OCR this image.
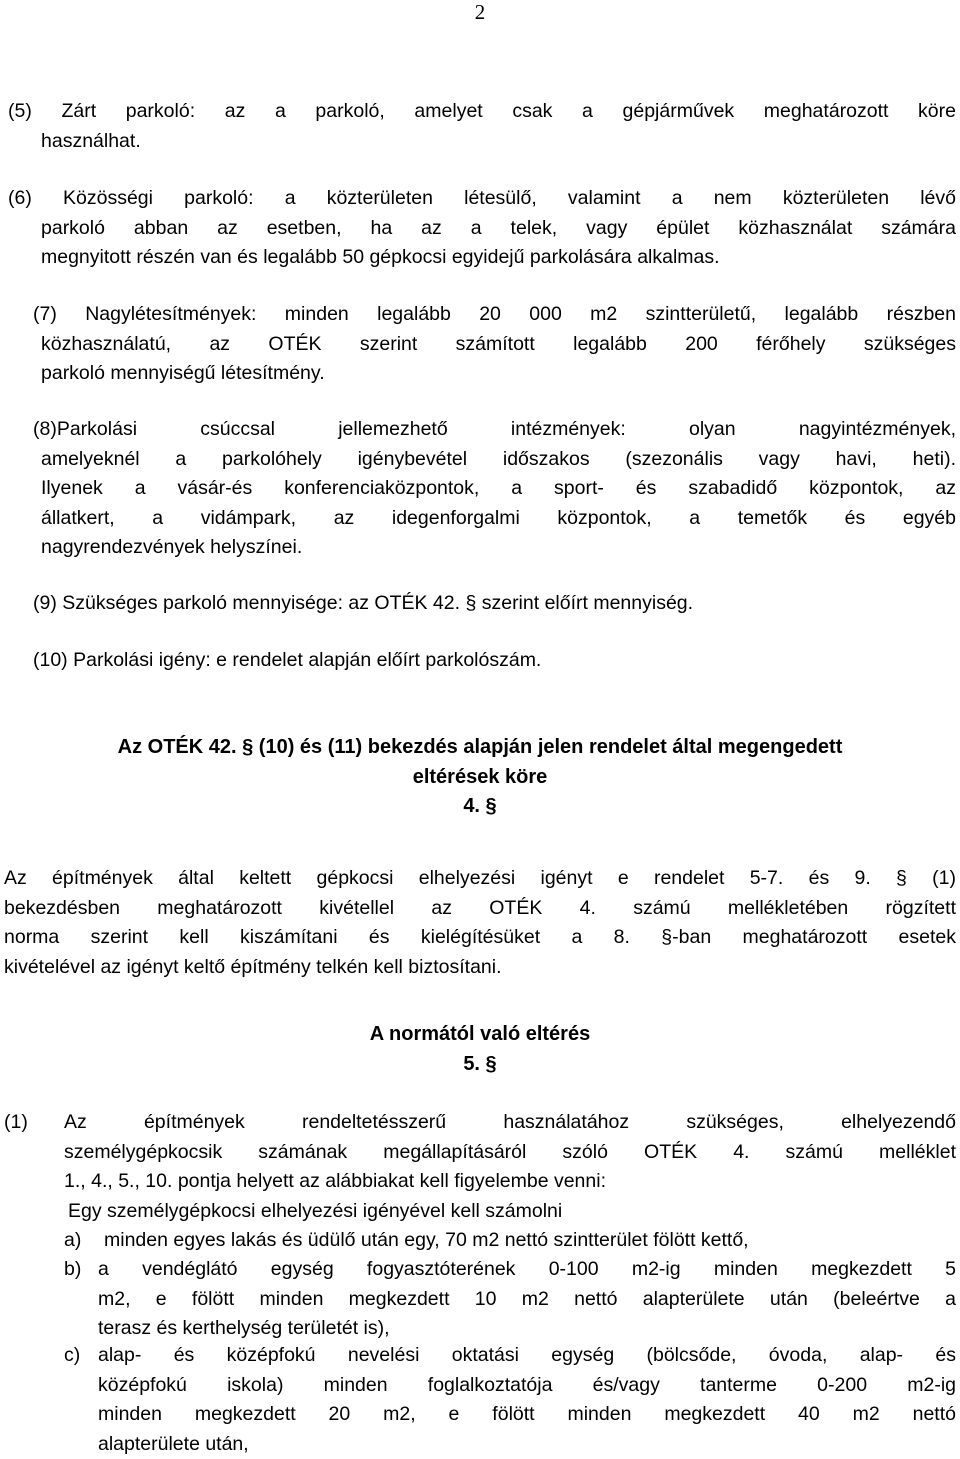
2
(5) Zárt parkoló: az a parkoló, amelyet csak a gépjárművek meghatározott köre
használhat.
(6) Közösségi parkoló: a közterületen létesülő, valamint a nem közterületen lévő
parkoló abban az esetben, ha az a telek, vagy épület közhasználat számára
megnyitott részén van és legalább 50 gépkocsi egyidejű parkolására alkalmas.
(7) Nagylétesítmények: minden legalább 20 000 m2 szintterületű, legalább részben
közhasználatú, az OTÉK szerint számított legalább 200 férőhely szükséges
parkoló mennyiségű létesítmény.
(8)Parkolási csúccsal jellemezhető intézmények: olyan nagyintézmények,
amelyeknél a parkolóhely igénybevétel időszakos (szezonális vagy havi, heti).
Ilyenek a vásár-és konferenciaközpontok, a sport- és szabadidő központok, az
állatkert, a vidámpark, az idegenforgalmi központok, a temetők és egyéb
nagyrendezvények helyszínei.
(9) Szükséges parkoló mennyisége: az OTÉK 42. § szerint előírt mennyiség.
(10) Parkolási igény: e rendelet alapján előírt parkolószám.
Az OTÉK 42. § (10) és (11) bekezdés alapján jelen rendelet által megengedett
eltérések köre
4. §
Az építmények által keltett gépkocsi elhelyezési igényt e rendelet 5-7. és 9. § (1)
bekezdésben meghatározott kivétellel az OTÉK 4. számú mellékletében rögzített
norma szerint kell kiszámítani és kielégítésüket a 8. §-ban meghatározott esetek
kivételével az igényt keltő építmény telkén kell biztosítani.
A normától való eltérés
5. §
(1) Az építmények rendeltetésszerű használatához szükséges, elhelyezendő
személygépkocsik számának megállapításáról szóló OTÉK 4. számú melléklet
1., 4., 5., 10. pontja helyett az alábbiakat kell figyelembe venni:
Egy személygépkocsi elhelyezési igényével kell számolni
a) minden egyes lakás és üdülő után egy, 70 m2 nettó szintterület fölött kettő,
b) a vendéglátó egység fogyasztóterének 0-100 m2-ig minden megkezdett 5
m2, e fölött minden megkezdett 10 m2 nettó alapterülete után (beleértve a
terasz és kerthelység területét is),
c) alap- és középfokú nevelési oktatási egység (bölcsőde, óvoda, alap- és
középfokú iskola) minden foglalkoztatója és/vagy tanterme 0-200 m2-ig
minden megkezdett 20 m2, e fölött minden megkezdett 40 m2 nettó
alapterülete után,
